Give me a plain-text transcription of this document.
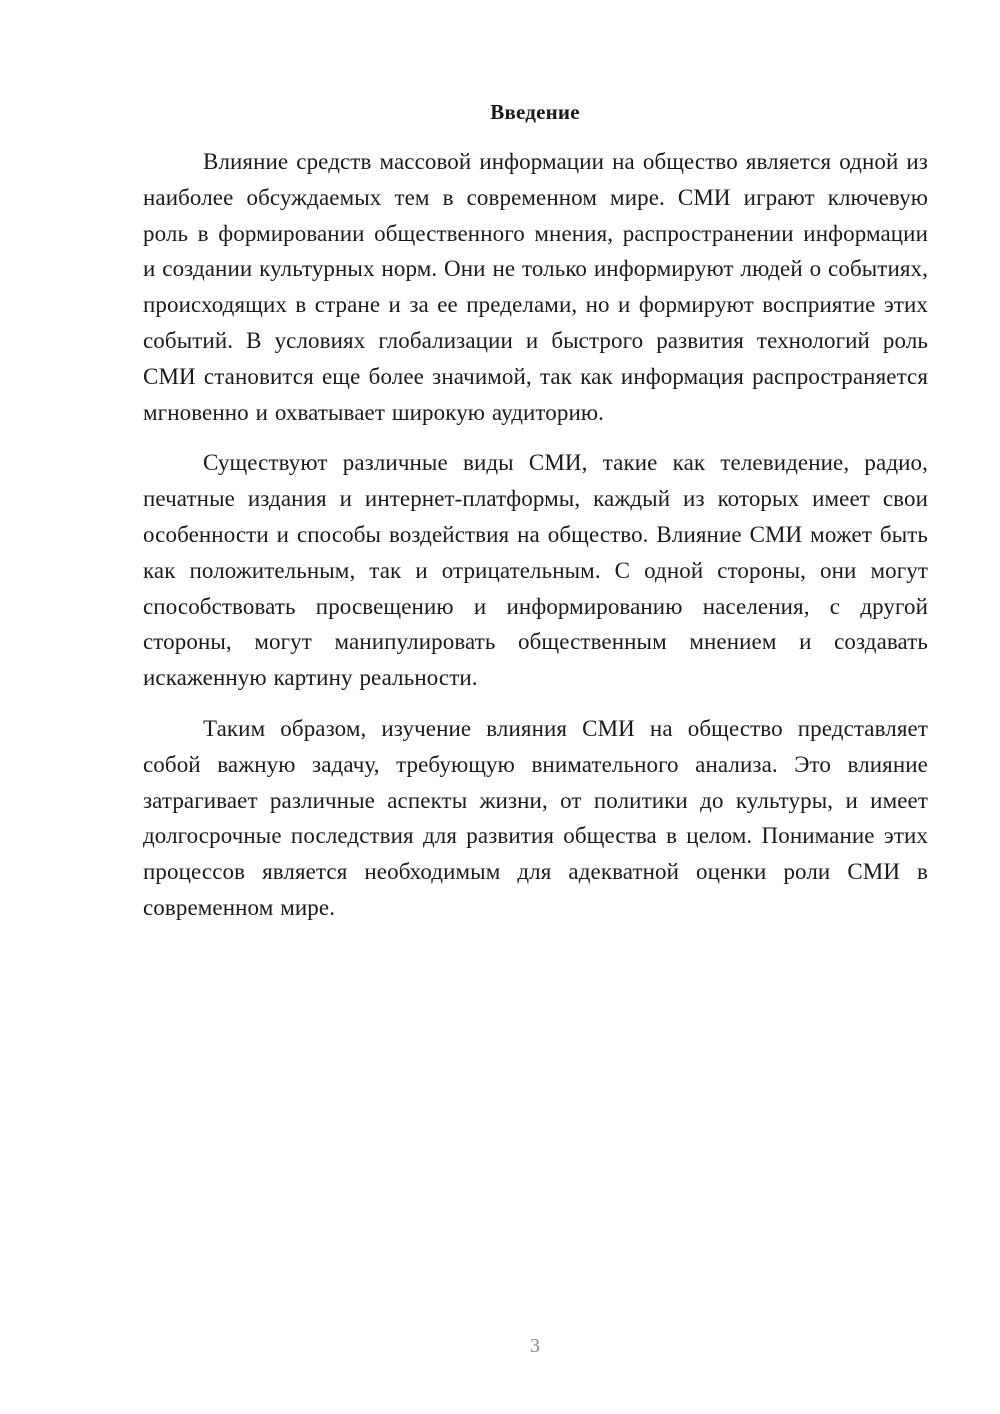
Введение

Влияние средств массовой информации на общество является одной из наиболее обсуждаемых тем в современном мире. СМИ играют ключевую роль в формировании общественного мнения, распространении информации и создании культурных норм. Они не только информируют людей о событиях, происходящих в стране и за ее пределами, но и формируют восприятие этих событий. В условиях глобализации и быстрого развития технологий роль СМИ становится еще более значимой, так как информация распространяется мгновенно и охватывает широкую аудиторию.

Существуют различные виды СМИ, такие как телевидение, радио, печатные издания и интернет-платформы, каждый из которых имеет свои особенности и способы воздействия на общество. Влияние СМИ может быть как положительным, так и отрицательным. С одной стороны, они могут способствовать просвещению и информированию населения, с другой стороны, могут манипулировать общественным мнением и создавать искаженную картину реальности.

Таким образом, изучение влияния СМИ на общество представляет собой важную задачу, требующую внимательного анализа. Это влияние затрагивает различные аспекты жизни, от политики до культуры, и имеет долгосрочные последствия для развития общества в целом. Понимание этих процессов является необходимым для адекватной оценки роли СМИ в современном мире.

3
